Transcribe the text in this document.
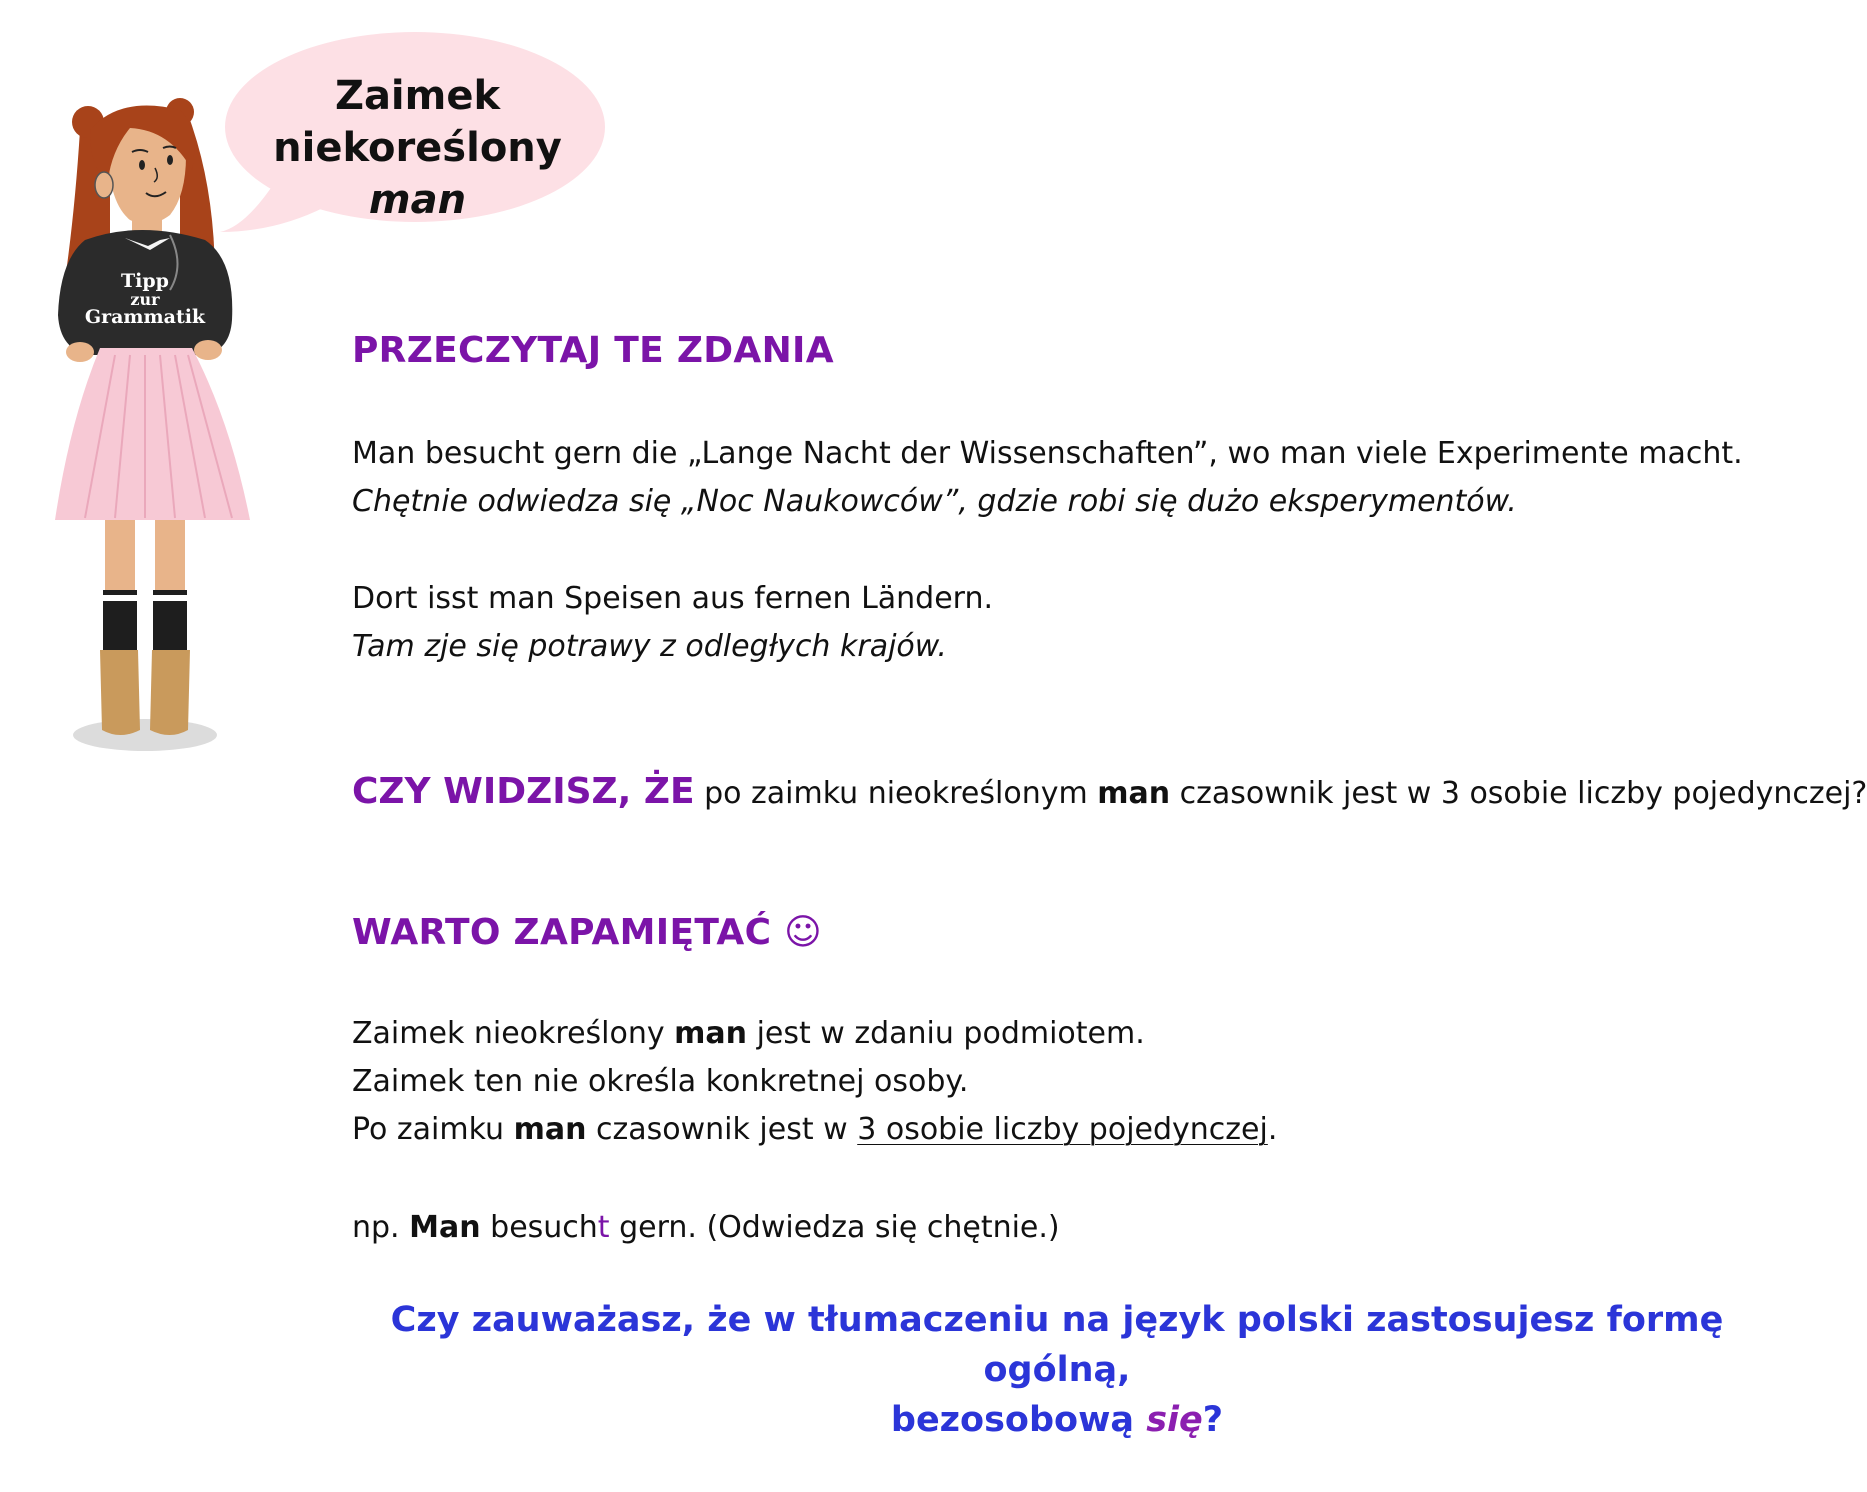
Zaimek
niekoreślony man
Tipp
zur
Grammatik
PRZECZYTAJ TE ZDANIA
Man besucht gern die „Lange Nacht der Wissenschaften”, wo man viele Experimente macht.
Chętnie odwiedza się „Noc Naukowców”, gdzie robi się dużo eksperymentów.
Dort isst man Speisen aus fernen Ländern.
Tam zje się potrawy z odległych krajów.
CZY WIDZISZ, ŻE po zaimku nieokreślonym man czasownik jest w 3 osobie liczby pojedynczej?
WARTO ZAPAMIĘTAĆ ☺
Zaimek nieokreślony man jest w zdaniu podmiotem.
Zaimek ten nie określa konkretnej osoby.
Po zaimku man czasownik jest w 3 osobie liczby pojedynczej.
np. Man besucht gern. (Odwiedza się chętnie.)
Czy zauważasz, że w tłumaczeniu na język polski zastosujesz formę ogólną,
bezosobową się?
